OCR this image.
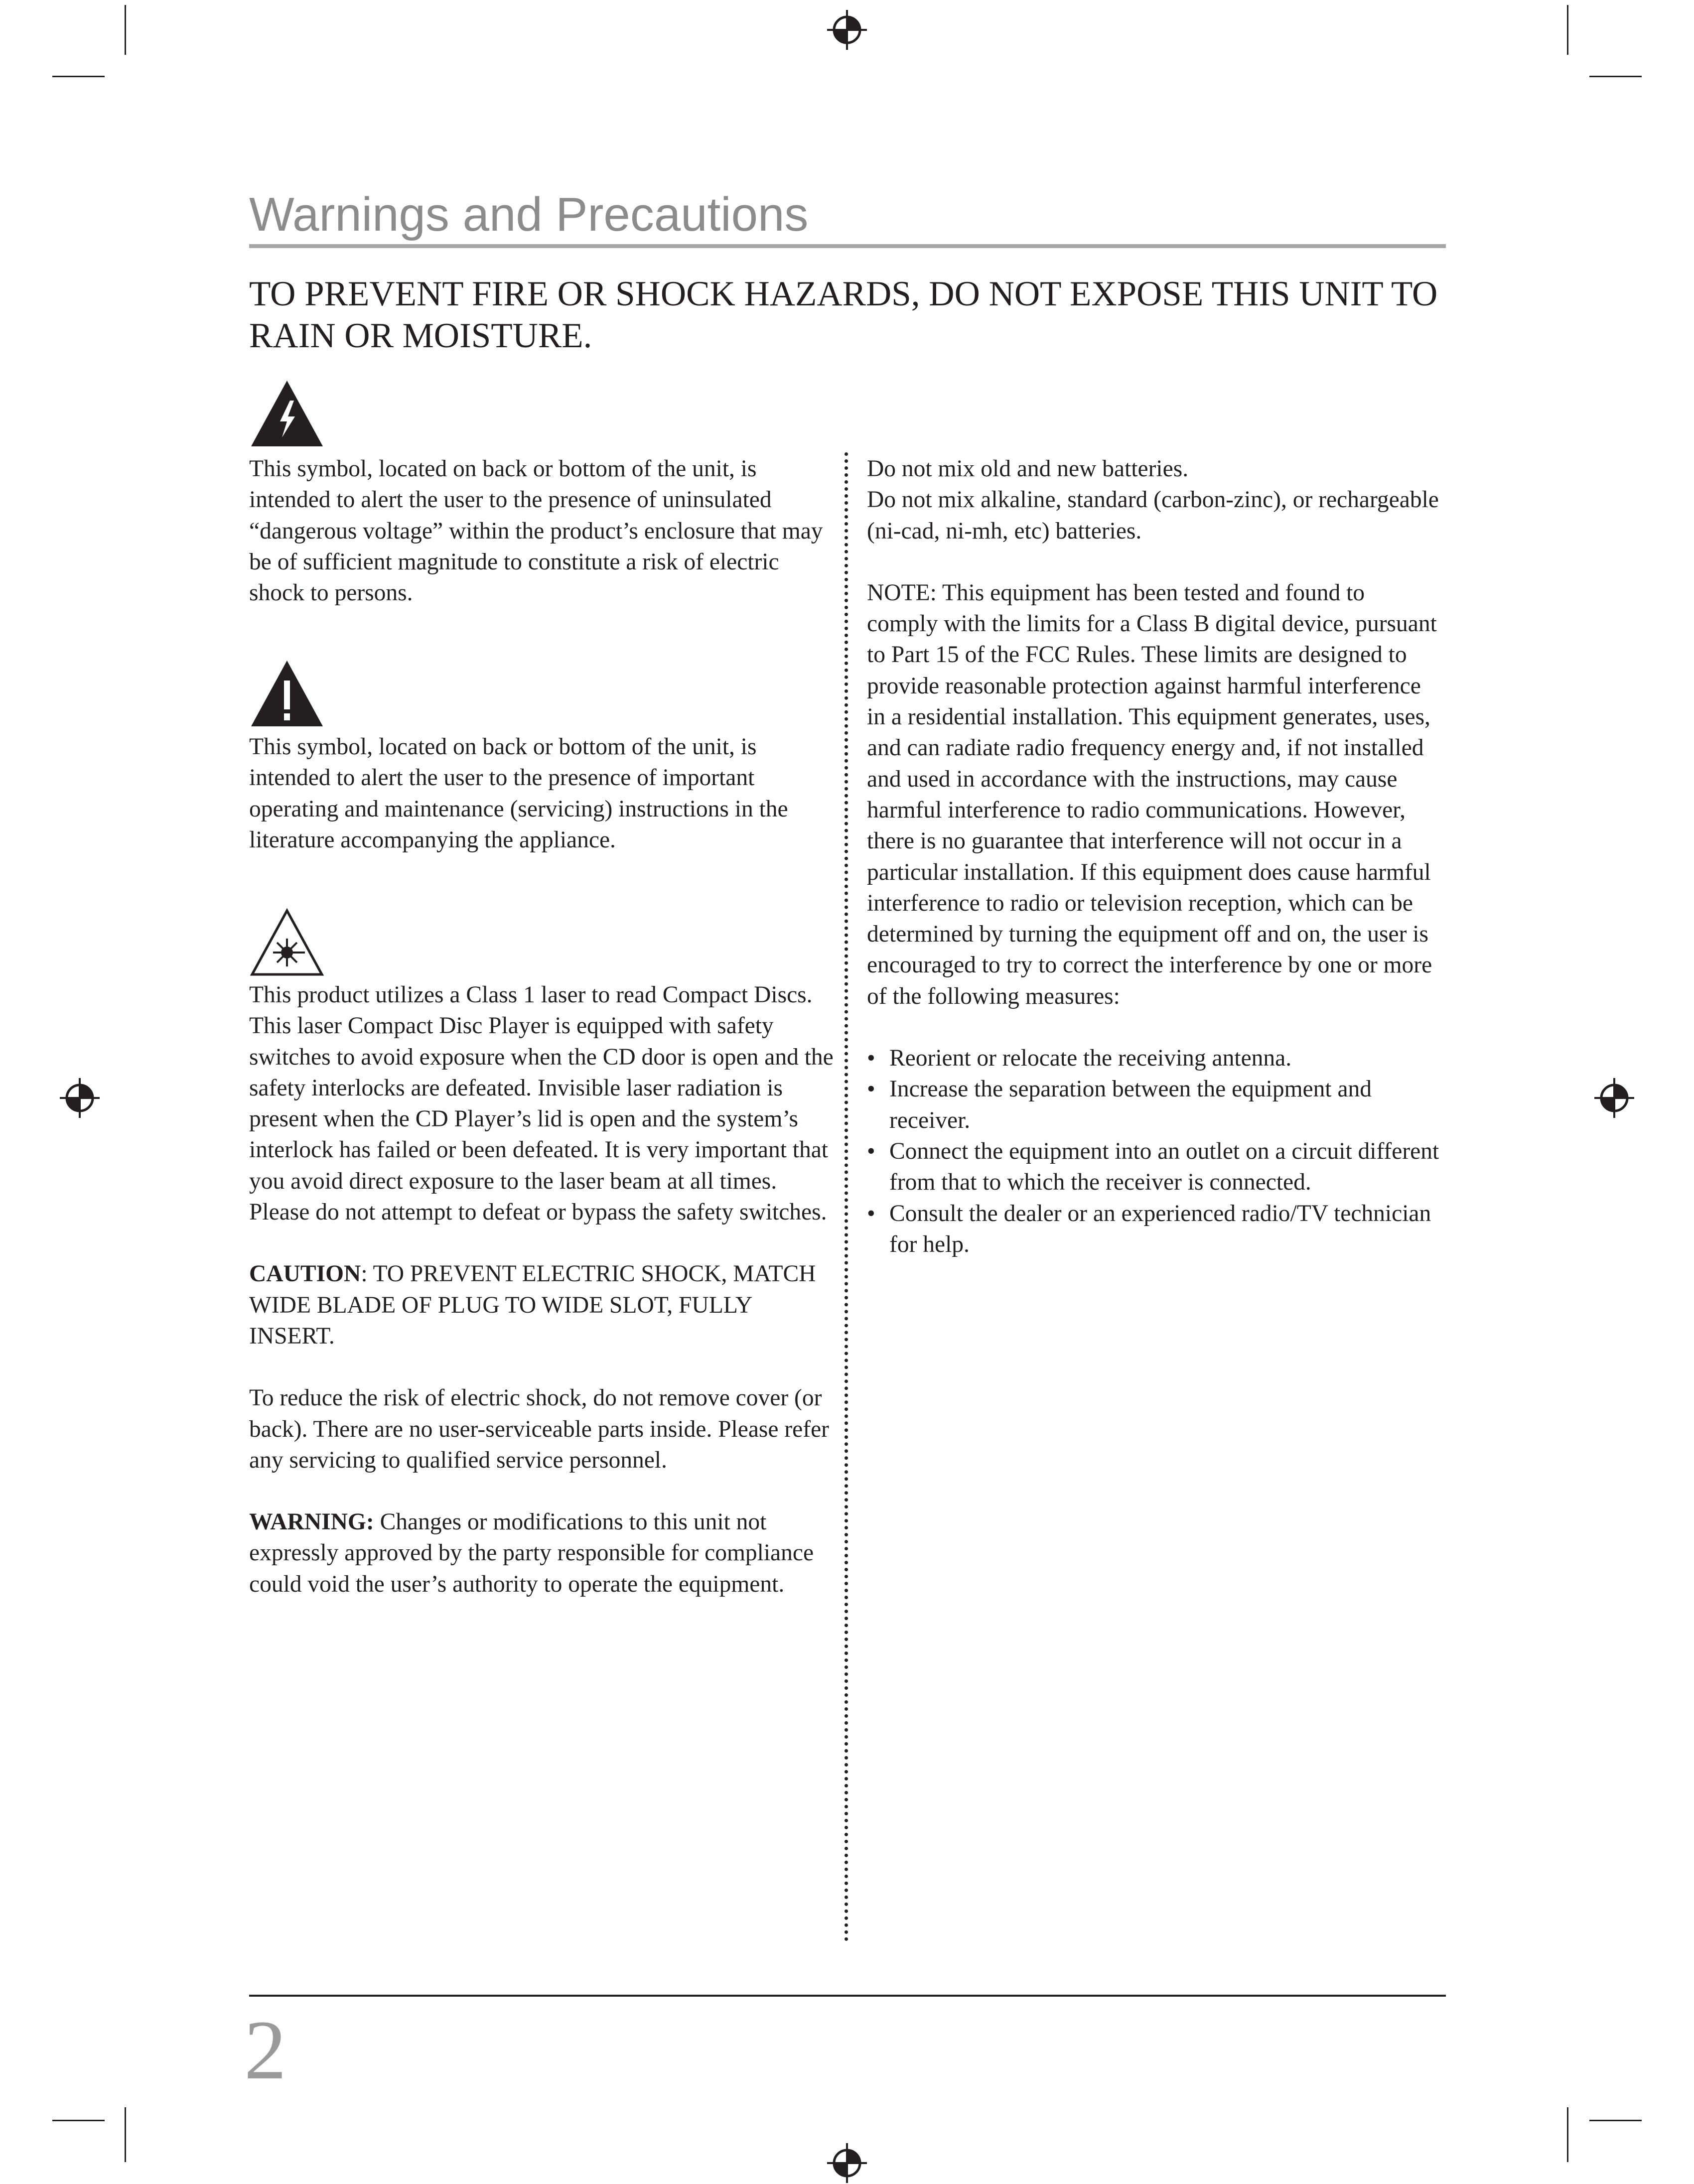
Warnings and Precautions
TO PREVENT FIRE OR SHOCK HAZARDS, DO NOT EXPOSE THIS UNIT TO RAIN OR MOISTURE.

This symbol, located on back or bottom of the unit, is intended to alert the user to the presence of uninsulated “dangerous voltage” within the product’s enclosure that may be of sufficient magnitude to constitute a risk of electric shock to persons.

This symbol, located on back or bottom of the unit, is intended to alert the user to the presence of important operating and maintenance (servicing) instructions in the literature accompanying the appliance.

This product utilizes a Class 1 laser to read Compact Discs. This laser Compact Disc Player is equipped with safety switches to avoid exposure when the CD door is open and the safety interlocks are defeated. Invisible laser radiation is present when the CD Player’s lid is open and the system’s interlock has failed or been defeated. It is very important that you avoid direct exposure to the laser beam at all times. Please do not attempt to defeat or bypass the safety switches.

CAUTION: TO PREVENT ELECTRIC SHOCK, MATCH WIDE BLADE OF PLUG TO WIDE SLOT, FULLY INSERT.

To reduce the risk of electric shock, do not remove cover (or back). There are no user-serviceable parts inside. Please refer any servicing to qualified service personnel.

WARNING: Changes or modifications to this unit not expressly approved by the party responsible for compliance could void the user’s authority to operate the equipment.

Do not mix old and new batteries.

Do not mix alkaline, standard (carbon-zinc), or rechargeable (ni-cad, ni-mh, etc) batteries.

NOTE: This equipment has been tested and found to comply with the limits for a Class B digital device, pursuant to Part 15 of the FCC Rules. These limits are designed to provide reasonable protection against harmful interference in a residential installation. This equipment generates, uses, and can radiate radio frequency energy and, if not installed and used in accordance with the instructions, may cause harmful interference to radio communications. However, there is no guarantee that interference will not occur in a particular installation. If this equipment does cause harmful interference to radio or television reception, which can be determined by turning the equipment off and on, the user is encouraged to try to correct the interference by one or more of the following measures:

• Reorient or relocate the receiving antenna.
• Increase the separation between the equipment and receiver.
• Connect the equipment into an outlet on a circuit different from that to which the receiver is connected.
• Consult the dealer or an experienced radio/TV technician for help.
2
